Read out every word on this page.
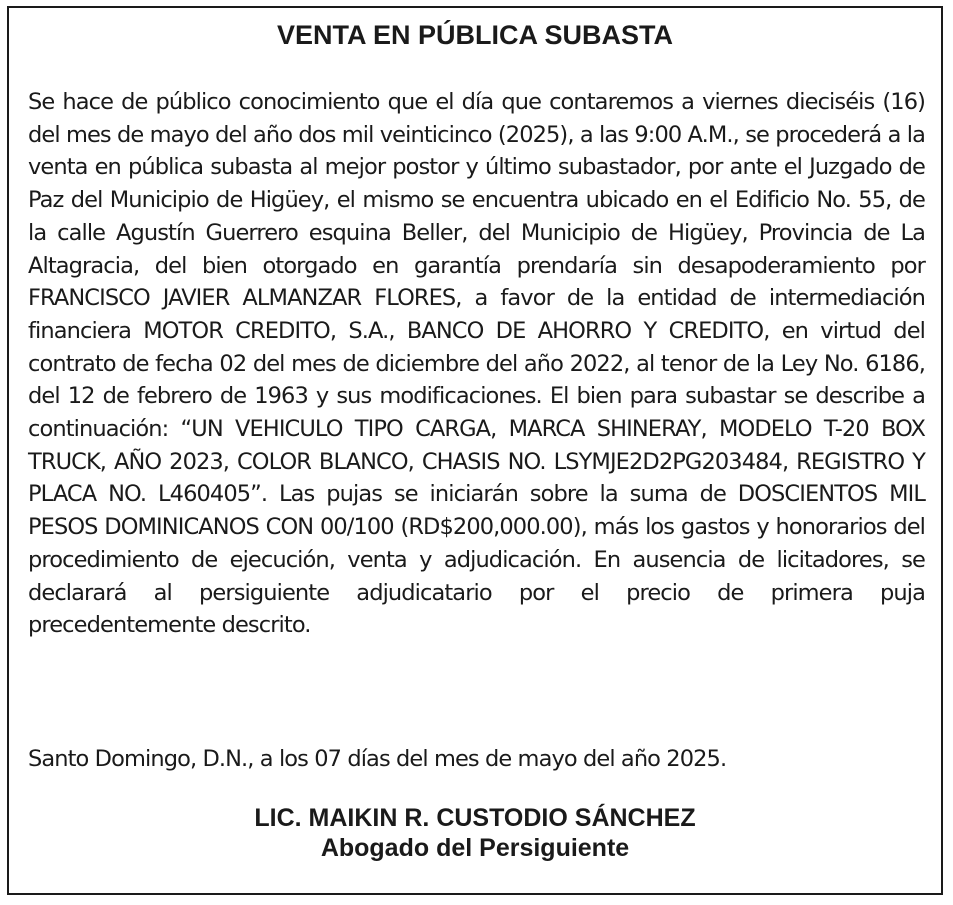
VENTA EN PÚBLICA SUBASTA

Se hace de público conocimiento que el día que contaremos a viernes dieciséis (16) del mes de mayo del año dos mil veinticinco (2025), a las 9:00 A.M., se procederá a la venta en pública subasta al mejor postor y último subastador, por ante el Juzgado de Paz del Municipio de Higüey, el mismo se encuentra ubicado en el Edificio No. 55, de la calle Agustín Guerrero esquina Beller, del Municipio de Higüey, Provincia de La Altagracia, del bien otorgado en garantía prendaría sin desapoderamiento por FRANCISCO JAVIER ALMANZAR FLORES, a favor de la entidad de intermediación financiera MOTOR CREDITO, S.A., BANCO DE AHORRO Y CREDITO, en virtud del contrato de fecha 02 del mes de diciembre del año 2022, al tenor de la Ley No. 6186, del 12 de febrero de 1963 y sus modificaciones. El bien para subastar se describe a continuación: “UN VEHICULO TIPO CARGA, MARCA SHINERAY, MODELO T-20 BOX TRUCK, AÑO 2023, COLOR BLANCO, CHASIS NO. LSYMJE2D2PG203484, REGISTRO Y PLACA NO. L460405”. Las pujas se iniciarán sobre la suma de DOSCIENTOS MIL PESOS DOMINICANOS CON 00/100 (RD$200,000.00), más los gastos y honorarios del procedimiento de ejecución, venta y adjudicación. En ausencia de licitadores, se declarará al persiguiente adjudicatario por el precio de primera puja precedentemente descrito.

Santo Domingo, D.N., a los 07 días del mes de mayo del año 2025.

LIC. MAIKIN R. CUSTODIO SÁNCHEZ
Abogado del Persiguiente
